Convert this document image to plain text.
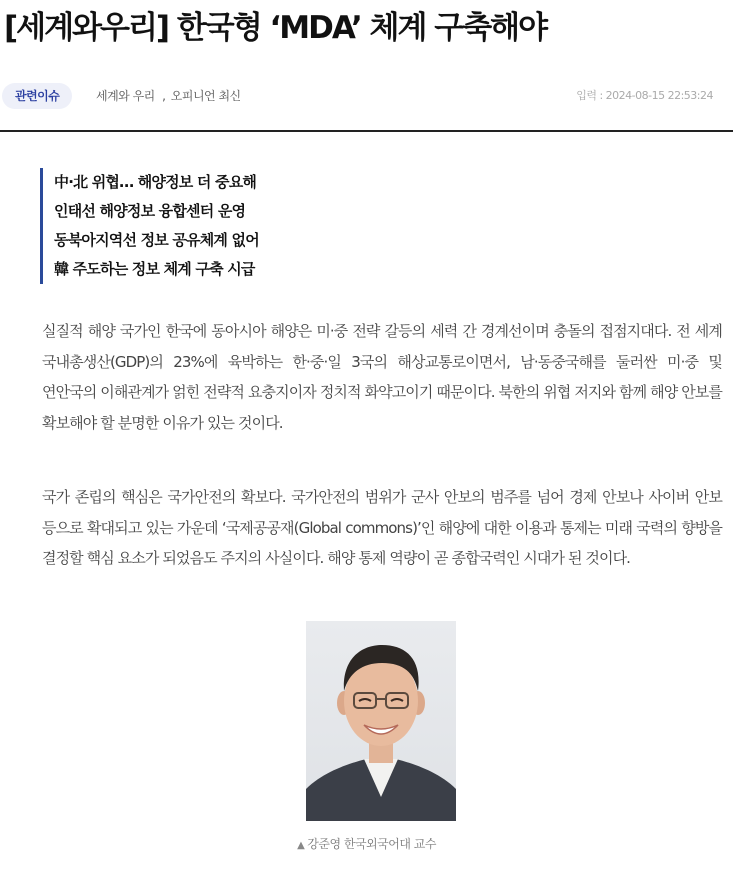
[세계와우리] 한국형 ‘MDA’ 체계 구축해야
관련이슈	세계와 우리 , 오피니언 최신	입력 : 2024-08-15 22:53:24
中·北 위협… 해양정보 더 중요해
인태선 해양정보 융합센터 운영
동북아지역선 정보 공유체계 없어
韓 주도하는 정보 체계 구축 시급

실질적 해양 국가인 한국에 동아시아 해양은 미·중 전략 갈등의 세력 간 경계선이며 충돌의 접점지대다. 전 세계 국내총생산(GDP)의 23%에 육박하는 한·중·일 3국의 해상교통로이면서, 남·동중국해를 둘러싼 미·중 및 연안국의 이해관계가 얽힌 전략적 요충지이자 정치적 화약고이기 때문이다. 북한의 위협 저지와 함께 해양 안보를 확보해야 할 분명한 이유가 있는 것이다.

국가 존립의 핵심은 국가안전의 확보다. 국가안전의 범위가 군사 안보의 범주를 넘어 경제 안보나 사이버 안보 등으로 확대되고 있는 가운데 ‘국제공공재(Global commons)’인 해양에 대한 이용과 통제는 미래 국력의 향방을 결정할 핵심 요소가 되었음도 주지의 사실이다. 해양 통제 역량이 곧 종합국력인 시대가 된 것이다.

▲ 강준영 한국외국어대 교수
